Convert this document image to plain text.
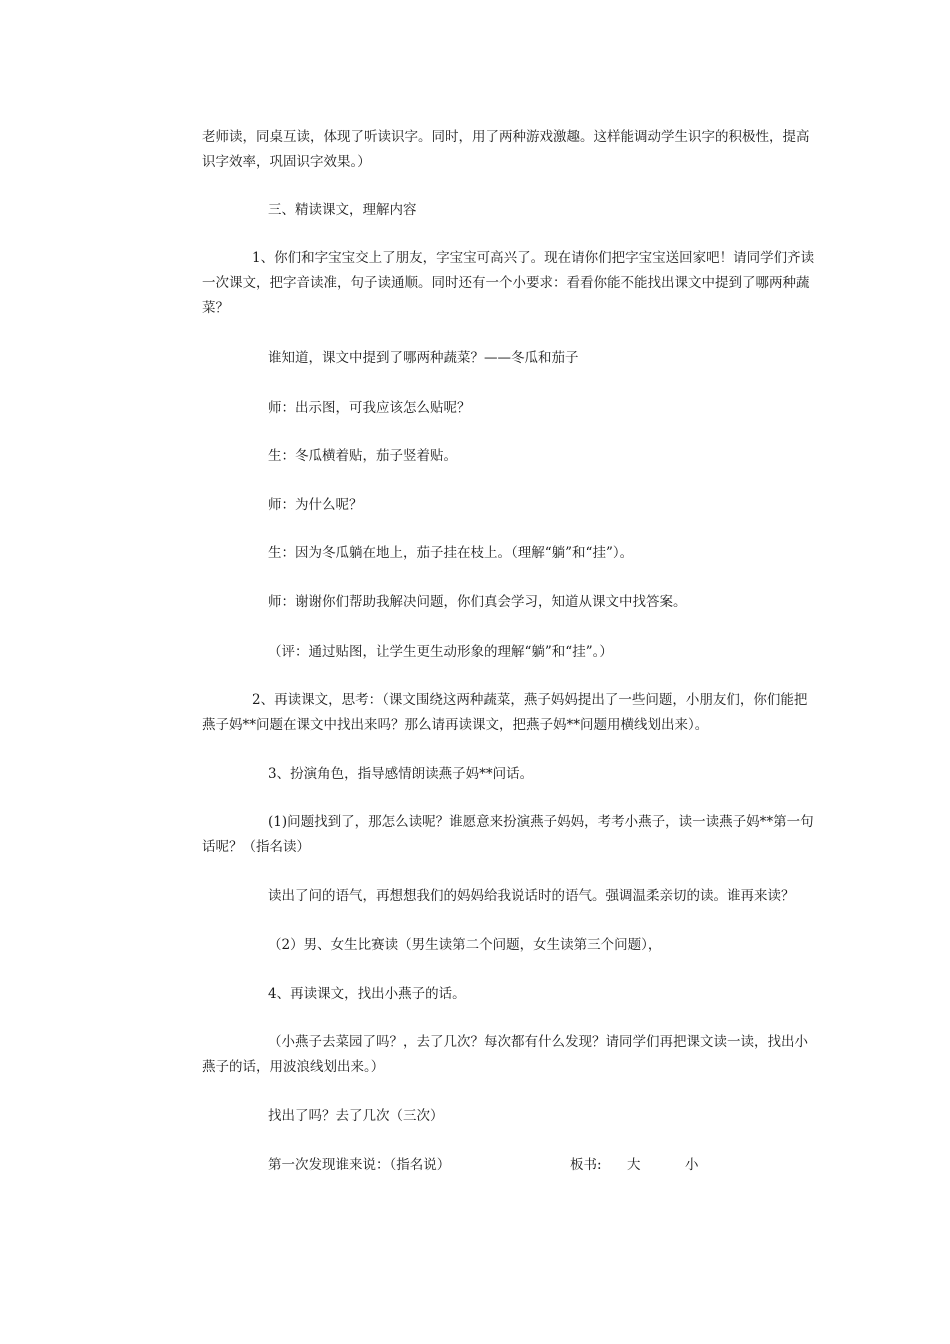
老师读，同桌互读，体现了听读识字。同时，用了两种游戏激趣。这样能调动学生识字的积极性，提高识字效率，巩固识字效果。）

三、精读课文，理解内容

1、你们和字宝宝交上了朋友，字宝宝可高兴了。现在请你们把字宝宝送回家吧！请同学们齐读一次课文，把字音读准，句子读通顺。同时还有一个小要求：看看你能不能找出课文中提到了哪两种蔬菜？

谁知道，课文中提到了哪两种蔬菜？——冬瓜和茄子

师：出示图，可我应该怎么贴呢？

生：冬瓜横着贴，茄子竖着贴。

师：为什么呢？

生：因为冬瓜躺在地上，茄子挂在枝上。（理解“躺”和“挂”）。

师：谢谢你们帮助我解决问题，你们真会学习，知道从课文中找答案。

（评：通过贴图，让学生更生动形象的理解“躺”和“挂”。）

2、再读课文，思考：（课文围绕这两种蔬菜，燕子妈妈提出了一些问题，小朋友们，你们能把燕子妈**问题在课文中找出来吗？那么请再读课文，把燕子妈**问题用横线划出来）。

3、扮演角色，指导感情朗读燕子妈**问话。

(1)问题找到了，那怎么读呢？谁愿意来扮演燕子妈妈，考考小燕子，读一读燕子妈**第一句话呢？（指名读）

读出了问的语气，再想想我们的妈妈给我说话时的语气。强调温柔亲切的读。谁再来读？

（2）男、女生比赛读（男生读第二个问题，女生读第三个问题），

4、再读课文，找出小燕子的话。

（小燕子去菜园了吗？，去了几次？每次都有什么发现？请同学们再把课文读一读，找出小燕子的话，用波浪线划出来。）

找出了吗？去了几次（三次）

第一次发现谁来说：（指名说）	板书: 大	小
